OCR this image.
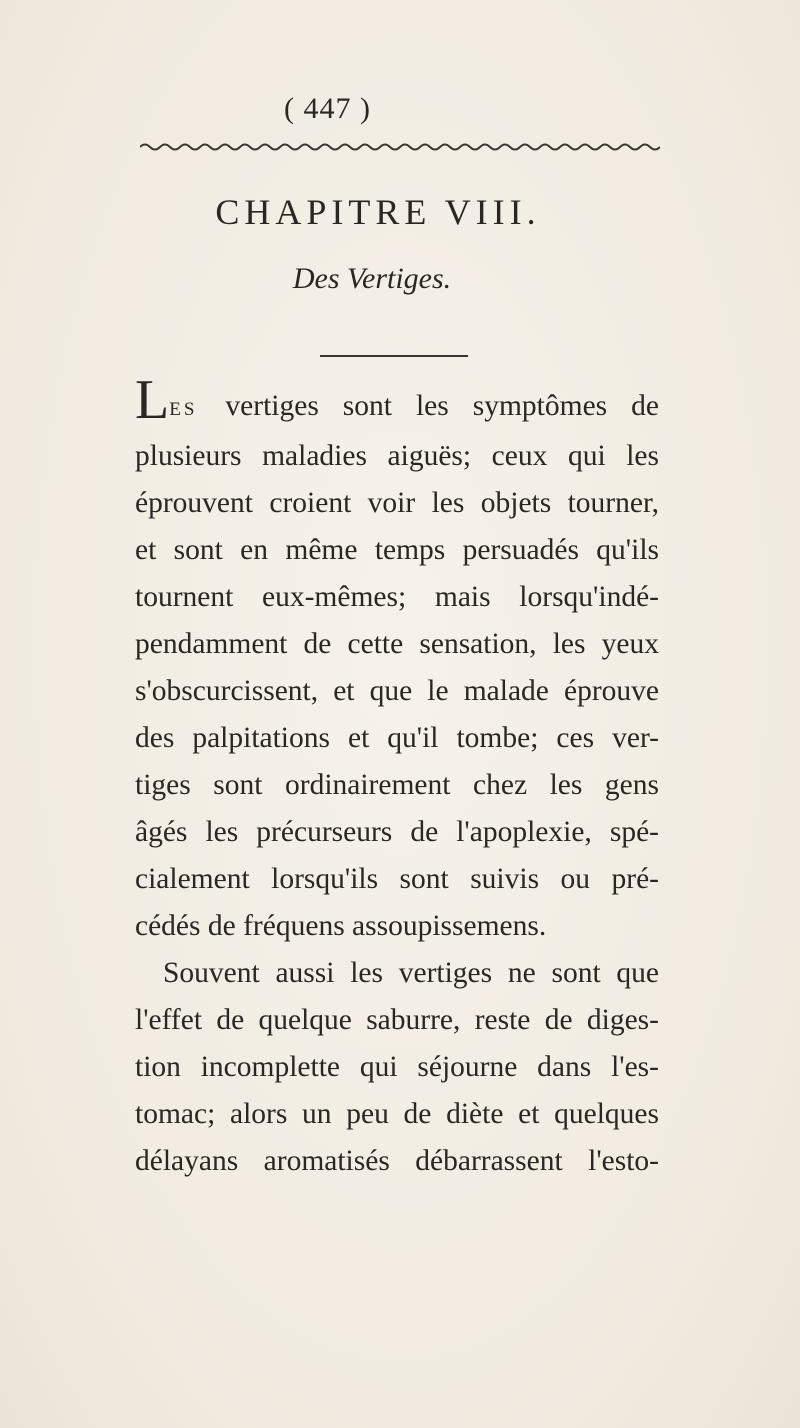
( 447 )
CHAPITRE VIII.
Des Vertiges.
LES vertiges sont les symptômes de
plusieurs maladies aiguës; ceux qui les
éprouvent croient voir les objets tourner,
et sont en même temps persuadés qu'ils
tournent eux-mêmes; mais lorsqu'indé-
pendamment de cette sensation, les yeux
s'obscurcissent, et que le malade éprouve
des palpitations et qu'il tombe; ces ver-
tiges sont ordinairement chez les gens
âgés les précurseurs de l'apoplexie, spé-
cialement lorsqu'ils sont suivis ou pré-
cédés de fréquens assoupissemens.
Souvent aussi les vertiges ne sont que
l'effet de quelque saburre, reste de diges-
tion incomplette qui séjourne dans l'es-
tomac; alors un peu de diète et quelques
délayans aromatisés débarrassent l'esto-
